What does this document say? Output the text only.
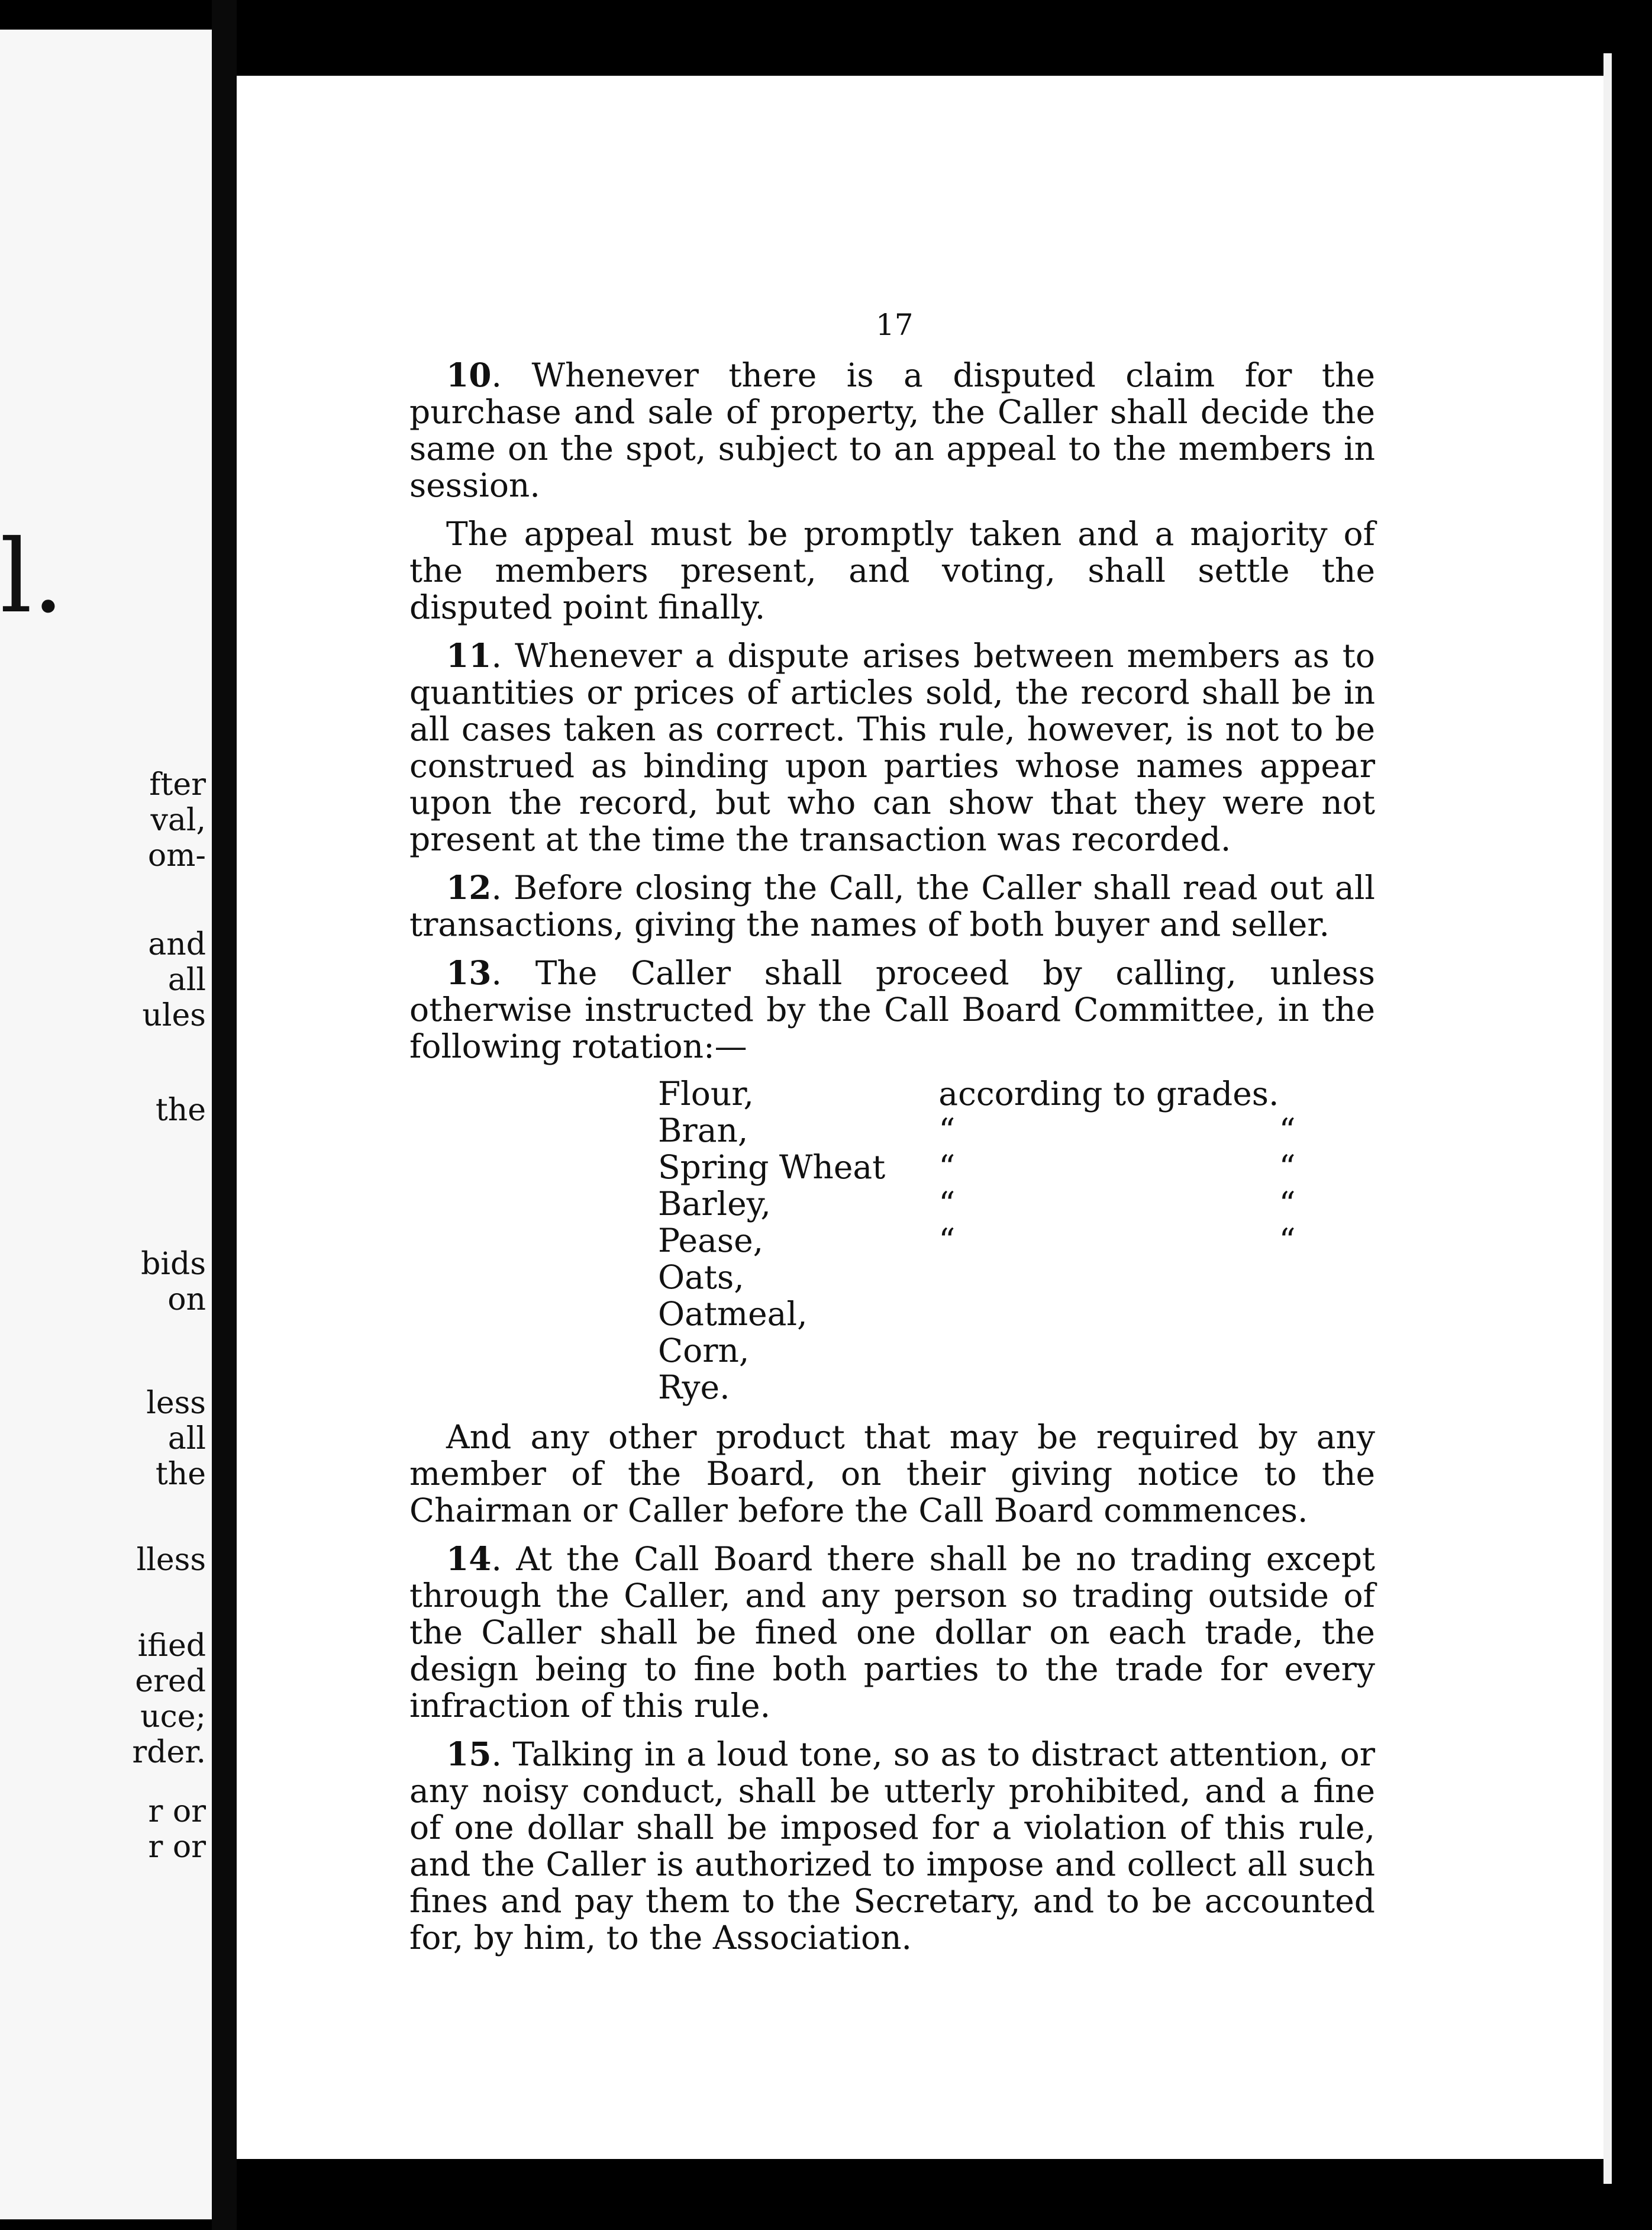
l.
fter
val,
om-
and
all
ules
the
bids
on
less
all
the
lless
ified
ered
uce;
rder.
r or
r or
17

10. Whenever there is a disputed claim for the purchase and sale of property, the Caller shall decide the same on the spot, subject to an appeal to the members in session.

The appeal must be promptly taken and a majority of the members present, and voting, shall settle the disputed point finally.

11. Whenever a dispute arises between members as to quantities or prices of articles sold, the record shall be in all cases taken as correct. This rule, however, is not to be construed as binding upon parties whose names appear upon the record, but who can show that they were not present at the time the transaction was recorded.

12. Before closing the Call, the Caller shall read out all transactions, giving the names of both buyer and seller.

13. The Caller shall proceed by calling, unless otherwise instructed by the Call Board Committee, in the following rotation:—

Flour,	according to grades.	
Bran,	“	“
Spring Wheat	“	“
Barley,	“	“
Pease,	“	“
Oats,		
Oatmeal,		
Corn,		
Rye.		

And any other product that may be required by any member of the Board, on their giving notice to the Chairman or Caller before the Call Board commences.

14. At the Call Board there shall be no trading except through the Caller, and any person so trading outside of the Caller shall be fined one dollar on each trade, the design being to fine both parties to the trade for every infraction of this rule.

15. Talking in a loud tone, so as to distract attention, or any noisy conduct, shall be utterly prohibited, and a fine of one dollar shall be imposed for a violation of this rule, and the Caller is authorized to impose and collect all such fines and pay them to the Secretary, and to be accounted for, by him, to the Association.
